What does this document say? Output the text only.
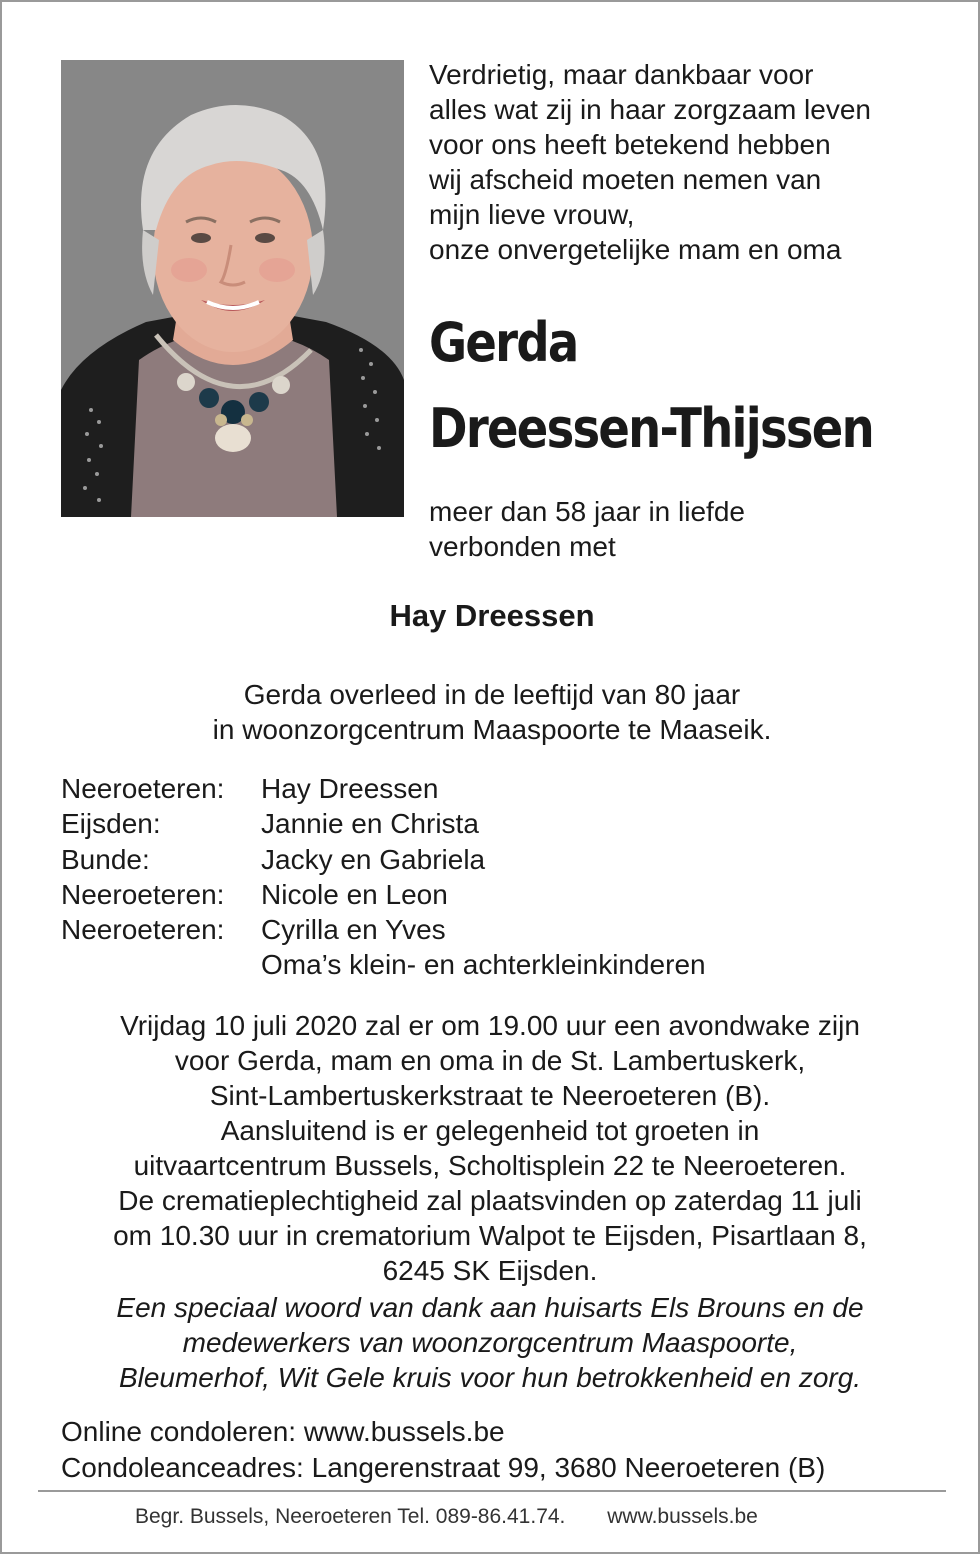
Verdrietig, maar dankbaar voor
alles wat zij in haar zorgzaam leven
voor ons heeft betekend hebben
wij afscheid moeten nemen van
mijn lieve vrouw,
onze onvergetelijke mam en oma
Gerda
Dreessen-Thijssen
meer dan 58 jaar in liefde
verbonden met
Hay Dreessen
Gerda overleed in de leeftijd van 80 jaar
in woonzorgcentrum Maaspoorte te Maaseik.
Neeroeteren:	Hay Dreessen
Eijsden:	Jannie en Christa
Bunde:	Jacky en Gabriela
Neeroeteren:	Nicole en Leon
Neeroeteren:	Cyrilla en Yves
Oma’s klein- en achterkleinkinderen
Vrijdag 10 juli 2020 zal er om 19.00 uur een avondwake zijn
voor Gerda, mam en oma in de St. Lambertuskerk,
Sint-Lambertuskerkstraat te Neeroeteren (B).
Aansluitend is er gelegenheid tot groeten in
uitvaartcentrum Bussels, Scholtisplein 22 te Neeroeteren.
De crematieplechtigheid zal plaatsvinden op zaterdag 11 juli
om 10.30 uur in crematorium Walpot te Eijsden, Pisartlaan 8,
6245 SK Eijsden.
Een speciaal woord van dank aan huisarts Els Brouns en de
medewerkers van woonzorgcentrum Maaspoorte,
Bleumerhof, Wit Gele kruis voor hun betrokkenheid en zorg.
Online condoleren: www.bussels.be
Condoleanceadres: Langerenstraat 99, 3680 Neeroeteren (B)
Begr. Bussels, Neeroeteren Tel. 089-86.41.74. www.bussels.be
